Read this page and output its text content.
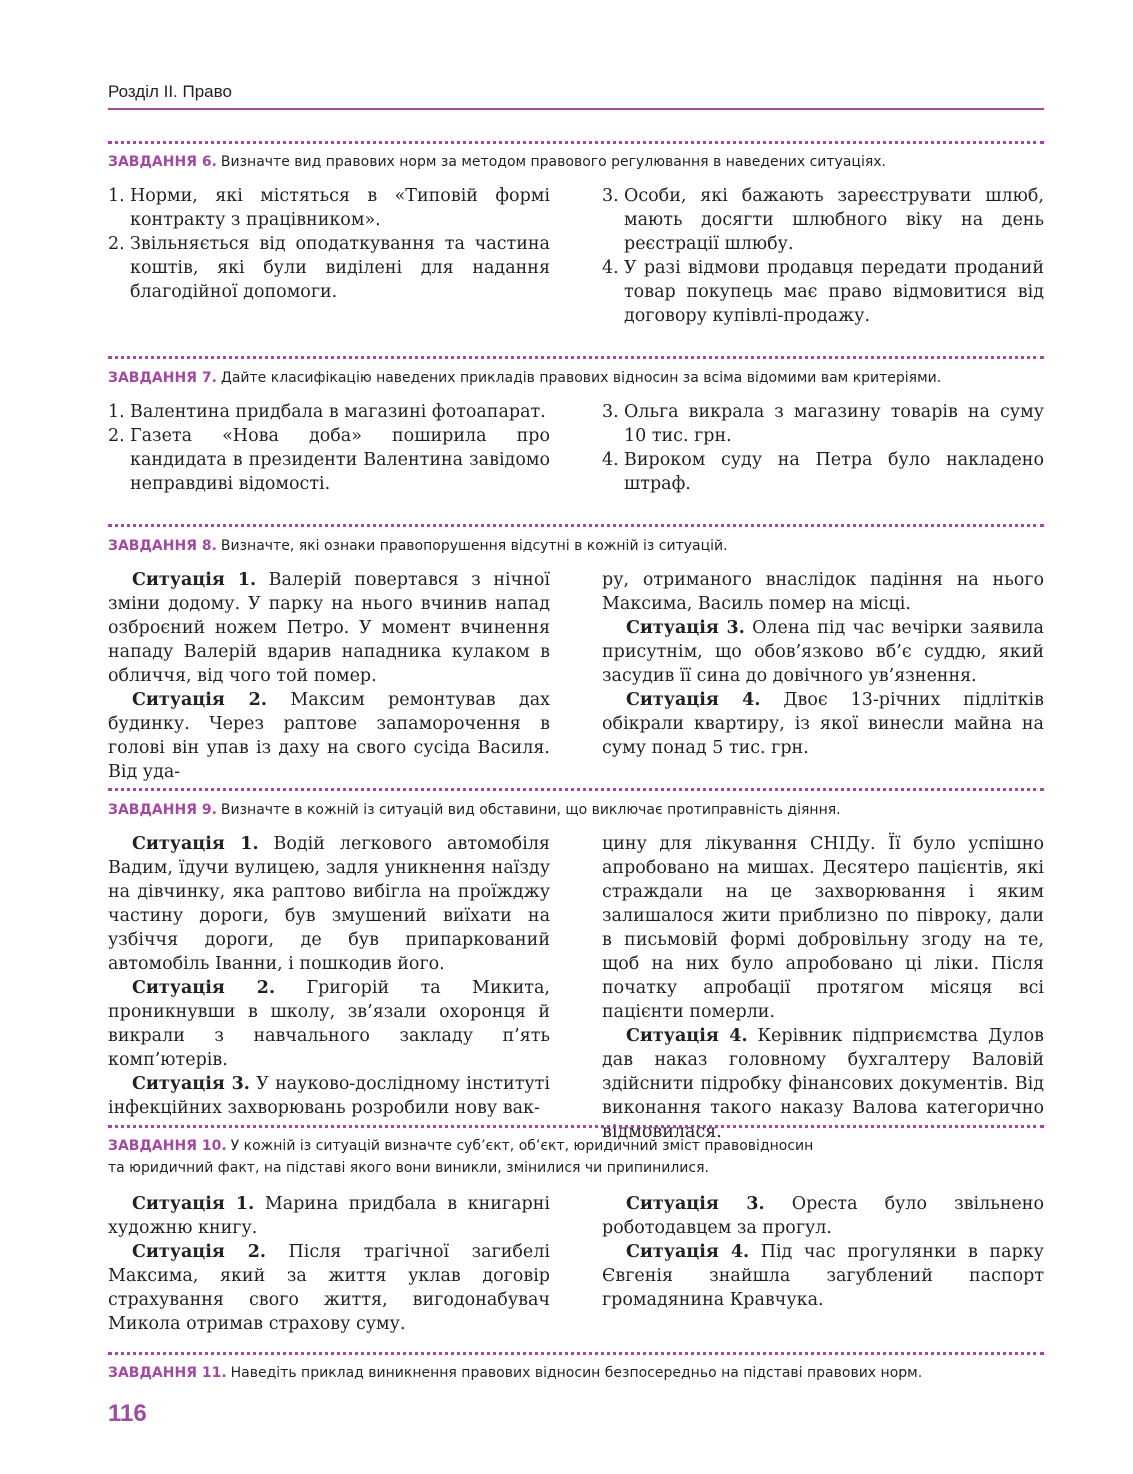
Розділ ІІ. Право
ЗАВДАННЯ 6. Визначте вид правових норм за методом правового регулювання в наведених ситуаціях.
1. Норми, які містяться в «Типовій формі контракту з працівником».
2. Звільняється від оподаткування та частина коштів, які були виділені для надання благодійної допомоги.
3. Особи, які бажають зареєструвати шлюб, мають досягти шлюбного віку на день реєстрації шлюбу.
4. У разі відмови продавця передати проданий товар покупець має право відмовитися від договору купівлі-продажу.
ЗАВДАННЯ 7. Дайте класифікацію наведених прикладів правових відносин за всіма відомими вам критеріями.
1. Валентина придбала в магазині фотоапарат.
2. Газета «Нова доба» поширила про кандидата в президенти Валентина завідомо неправдиві відомості.
3. Ольга викрала з магазину товарів на суму 10 тис. грн.
4. Вироком суду на Петра було накладено штраф.
ЗАВДАННЯ 8. Визначте, які ознаки правопорушення відсутні в кожній із ситуацій.

Ситуація 1. Валерій повертався з нічної зміни додому. У парку на нього вчинив напад озброєний ножем Петро. У момент вчинення нападу Валерій вдарив нападника кулаком в обличчя, від чого той помер.

Ситуація 2. Максим ремонтував дах будинку. Через раптове запаморочення в голові він упав із даху на свого сусіда Василя. Від уда-

ру, отриманого внаслідок падіння на нього Максима, Василь помер на місці.

Ситуація 3. Олена під час вечірки заявила присутнім, що обов’язково вб’є суддю, який засудив її сина до довічного ув’язнення.

Ситуація 4. Двоє 13-річних підлітків обікрали квартиру, із якої винесли майна на суму понад 5 тис. грн.

ЗАВДАННЯ 9. Визначте в кожній із ситуацій вид обставини, що виключає протиправність діяння.

Ситуація 1. Водій легкового автомобіля Вадим, їдучи вулицею, задля уникнення наїзду на дівчинку, яка раптово вибігла на проїжджу частину дороги, був змушений виїхати на узбіччя дороги, де був припаркований автомобіль Іванни, і пошкодив його.

Ситуація 2. Григорій та Микита, проникнувши в школу, зв’язали охоронця й викрали з навчального закладу п’ять комп’ютерів.

Ситуація 3. У науково-дослідному інституті інфекційних захворювань розробили нову вак-

цину для лікування СНІДу. Її було успішно апробовано на мишах. Десятеро пацієнтів, які страждали на це захворювання і яким залишалося жити приблизно по півроку, дали в письмовій формі добровільну згоду на те, щоб на них було апробовано ці ліки. Після початку апробації протягом місяця всі пацієнти померли.

Ситуація 4. Керівник підприємства Дулов дав наказ головному бухгалтеру Валовій здійснити підробку фінансових документів. Від виконання такого наказу Валова категорично відмовилася.

ЗАВДАННЯ 10. У кожній із ситуацій визначте суб’єкт, об’єкт, юридичний зміст правовідносин
та юридичний факт, на підставі якого вони виникли, змінилися чи припинилися.

Ситуація 1. Марина придбала в книгарні художню книгу.

Ситуація 2. Після трагічної загибелі Максима, який за життя уклав договір страхування свого життя, вигодонабувач Микола отримав страхову суму.

Ситуація 3. Ореста було звільнено роботодавцем за прогул.

Ситуація 4. Під час прогулянки в парку Євгенія знайшла загублений паспорт громадянина Кравчука.

ЗАВДАННЯ 11. Наведіть приклад виникнення правових відносин безпосередньо на підставі правових норм.
116
